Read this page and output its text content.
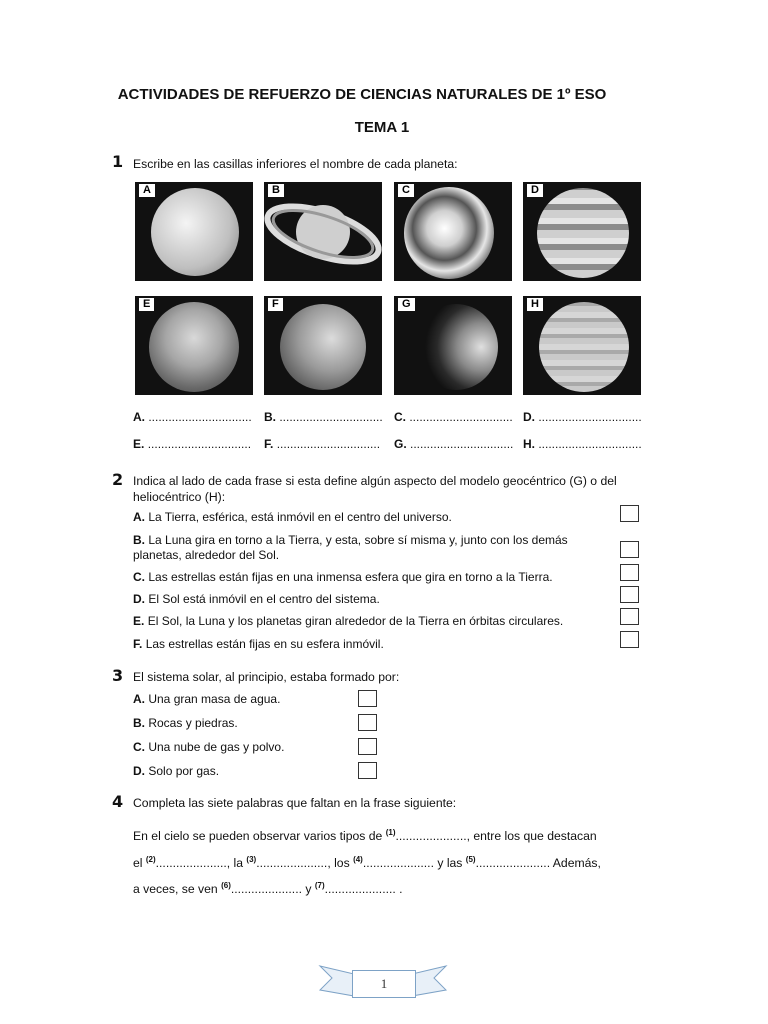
ACTIVIDADES DE REFUERZO DE CIENCIAS NATURALES DE 1º ESO
TEMA 1
1 Escribe en las casillas inferiores el nombre de cada planeta:
A	B	C	D
E	F	G	H
A. ............................... B. ............................... C. ............................... D. ...............................
E. ............................... F. ............................... G. ............................... H. ...............................
2 Indica al lado de cada frase si esta define algún aspecto del modelo geocéntrico (G) o del heliocéntrico (H):
A. La Tierra, esférica, está inmóvil en el centro del universo.
B. La Luna gira en torno a la Tierra, y esta, sobre sí misma y, junto con los demás planetas, alrededor del Sol.
C. Las estrellas están fijas en una inmensa esfera que gira en torno a la Tierra.
D. El Sol está inmóvil en el centro del sistema.
E. El Sol, la Luna y los planetas giran alrededor de la Tierra en órbitas circulares.
F. Las estrellas están fijas en su esfera inmóvil.
3 El sistema solar, al principio, estaba formado por:
A. Una gran masa de agua.
B. Rocas y piedras.
C. Una nube de gas y polvo.
D. Solo por gas.
4 Completa las siete palabras que faltan en la frase siguiente:
En el cielo se pueden observar varios tipos de $^{(1)}$....................., entre los que destacan
el $^{(2)}$....................., la $^{(3)}$....................., los $^{(4)}$..................... y las $^{(5)}$...................... Además,
a veces, se ven $^{(6)}$..................... y $^{(7)}$..................... .
1
